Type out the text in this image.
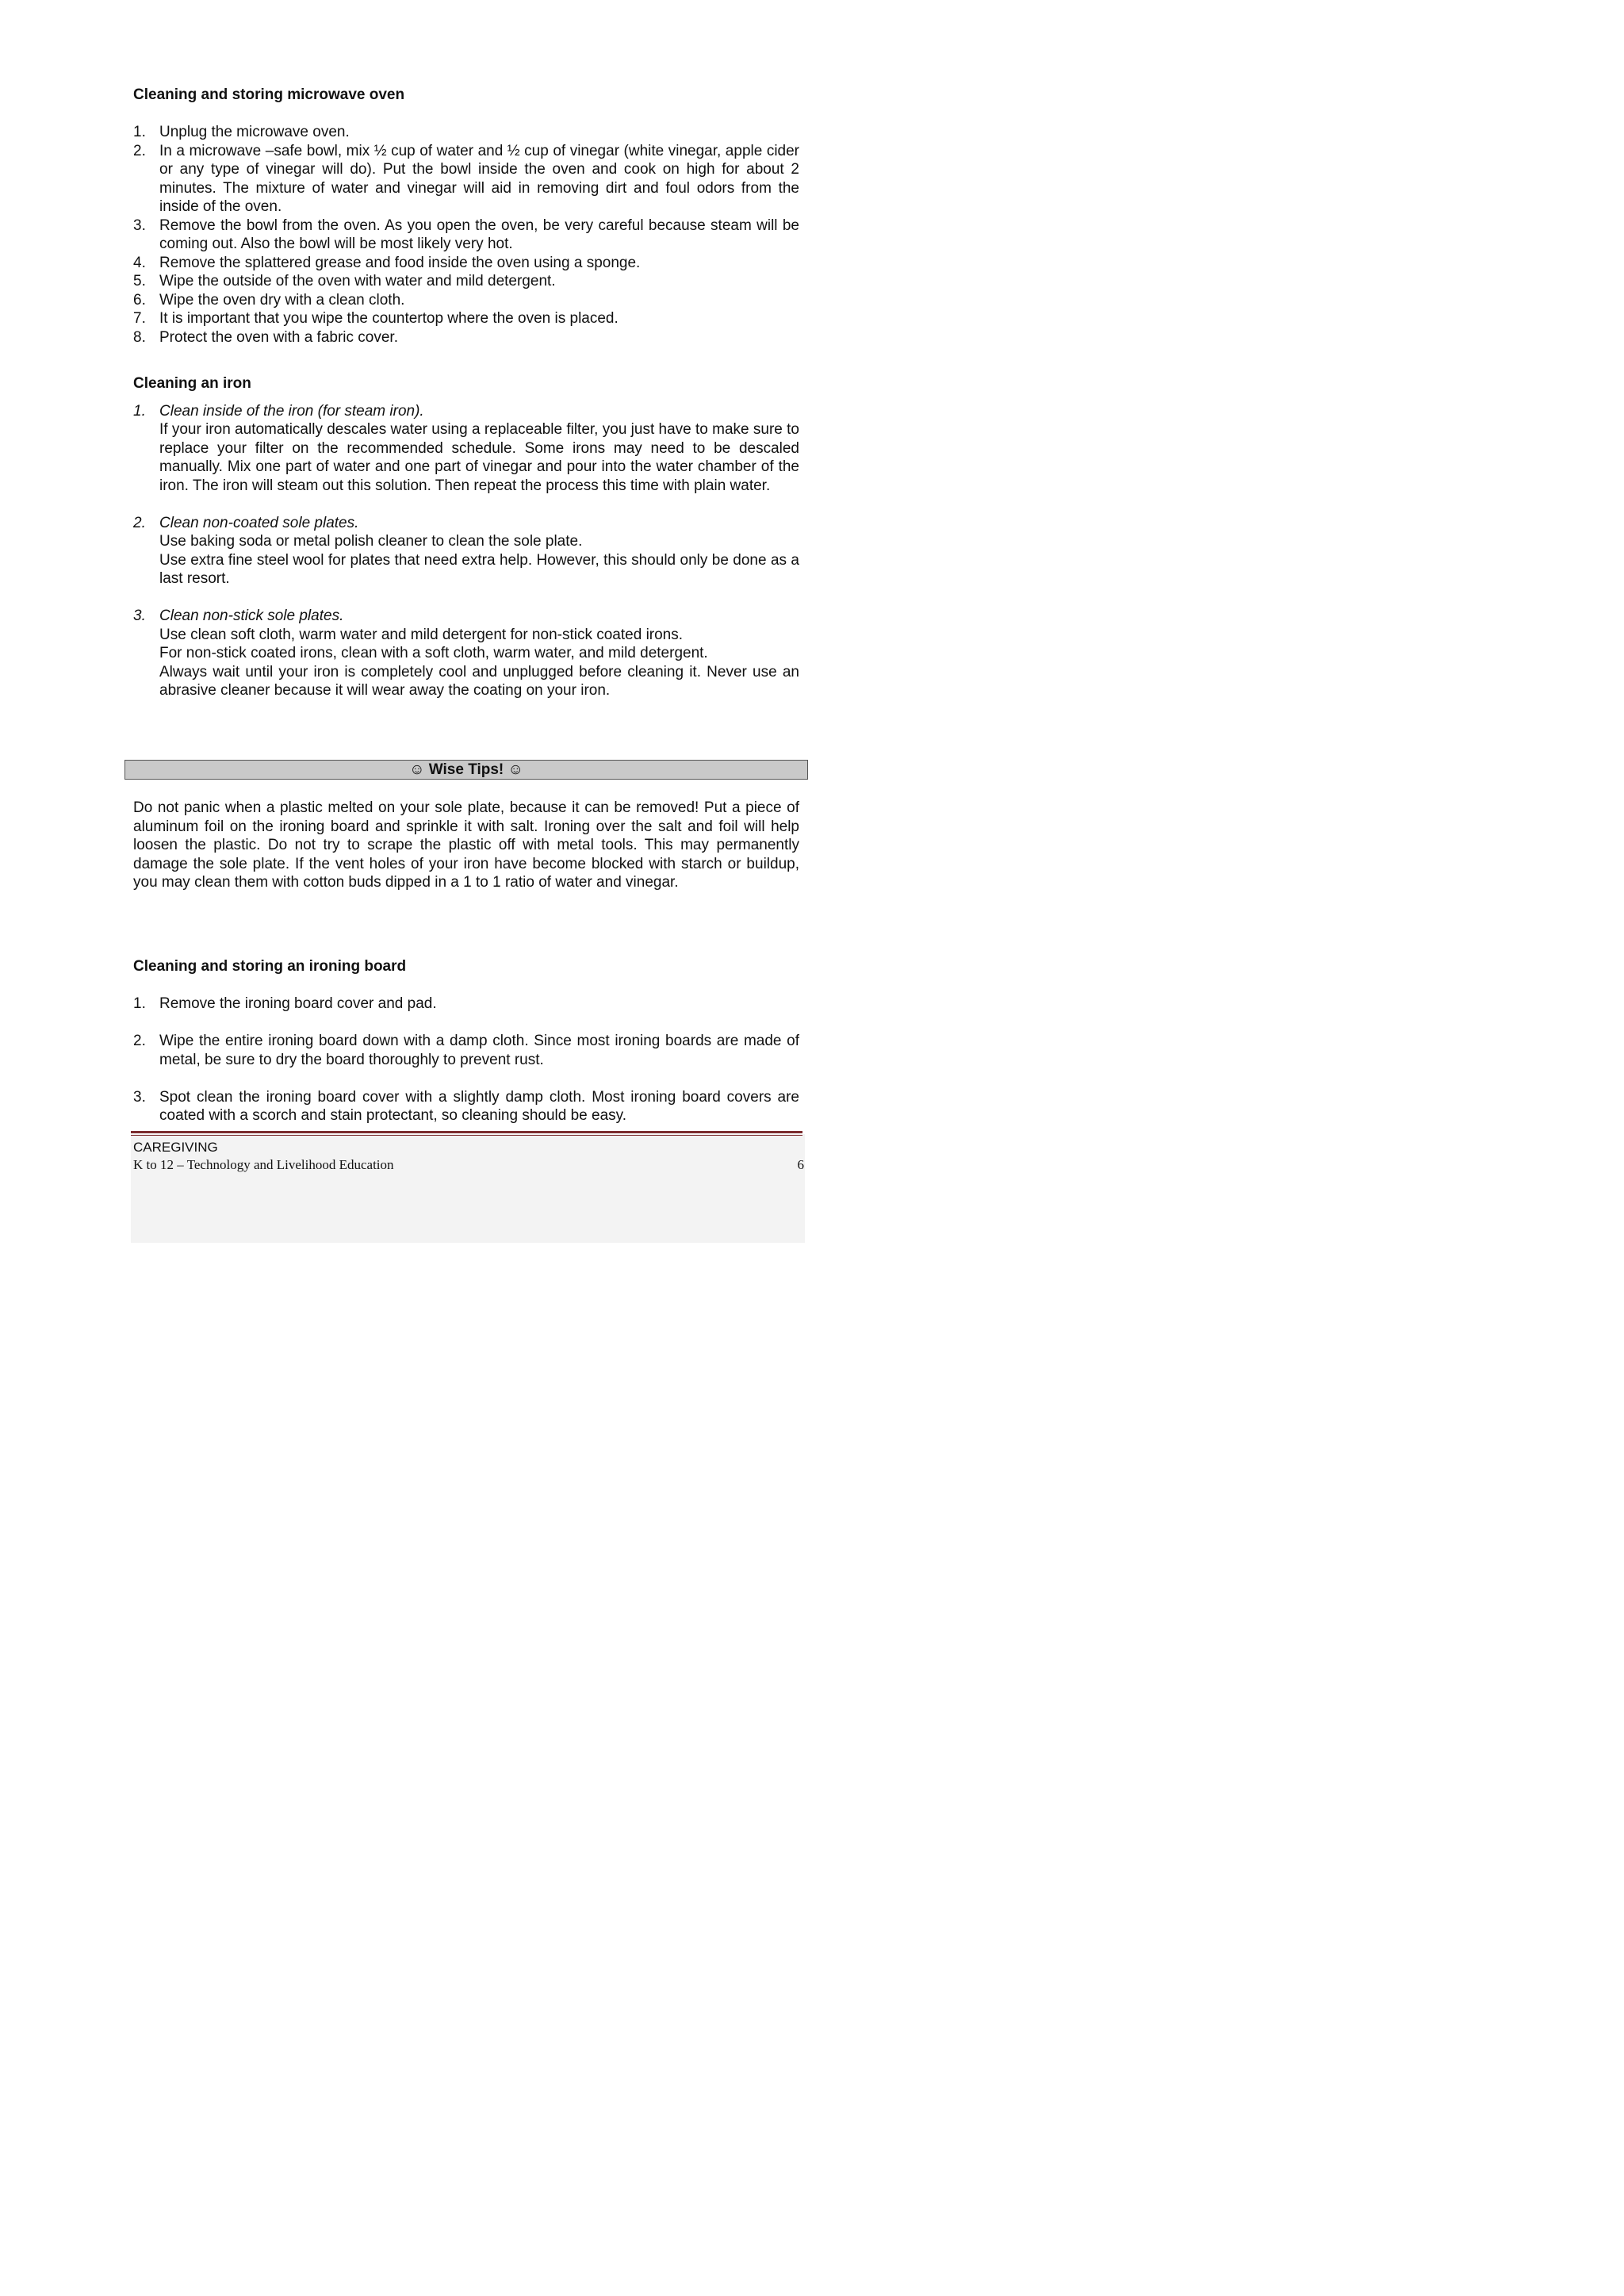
Cleaning and storing microwave oven

1. Unplug the microwave oven.
2. In a microwave –safe bowl, mix ½ cup of water and ½ cup of vinegar (white vinegar, apple cider or any type of vinegar will do). Put the bowl inside the oven and cook on high for about 2 minutes. The mixture of water and vinegar will aid in removing dirt and foul odors from the inside of the oven.
3. Remove the bowl from the oven. As you open the oven, be very careful because steam will be coming out. Also the bowl will be most likely very hot.
4. Remove the splattered grease and food inside the oven using a sponge.
5. Wipe the outside of the oven with water and mild detergent.
6. Wipe the oven dry with a clean cloth.
7. It is important that you wipe the countertop where the oven is placed.
8. Protect the oven with a fabric cover.

Cleaning an iron

1. Clean inside of the iron (for steam iron).
If your iron automatically descales water using a replaceable filter, you just have to make sure to replace your filter on the recommended schedule. Some irons may need to be descaled manually. Mix one part of water and one part of vinegar and pour into the water chamber of the iron. The iron will steam out this solution. Then repeat the process this time with plain water.
2. Clean non-coated sole plates.
Use baking soda or metal polish cleaner to clean the sole plate.
Use extra fine steel wool for plates that need extra help. However, this should only be done as a last resort.
3. Clean non-stick sole plates.
Use clean soft cloth, warm water and mild detergent for non-stick coated irons.
For non-stick coated irons, clean with a soft cloth, warm water, and mild detergent.
Always wait until your iron is completely cool and unplugged before cleaning it. Never use an abrasive cleaner because it will wear away the coating on your iron.
☺ Wise Tips! ☺

Do not panic when a plastic melted on your sole plate, because it can be removed! Put a piece of aluminum foil on the ironing board and sprinkle it with salt. Ironing over the salt and foil will help loosen the plastic. Do not try to scrape the plastic off with metal tools. This may permanently damage the sole plate. If the vent holes of your iron have become blocked with starch or buildup, you may clean them with cotton buds dipped in a 1 to 1 ratio of water and vinegar.

Cleaning and storing an ironing board

1. Remove the ironing board cover and pad.
2. Wipe the entire ironing board down with a damp cloth. Since most ironing boards are made of metal, be sure to dry the board thoroughly to prevent rust.
3. Spot clean the ironing board cover with a slightly damp cloth. Most ironing board covers are coated with a scorch and stain protectant, so cleaning should be easy.
CAREGIVING
K to 12 – Technology and Livelihood Education	6
